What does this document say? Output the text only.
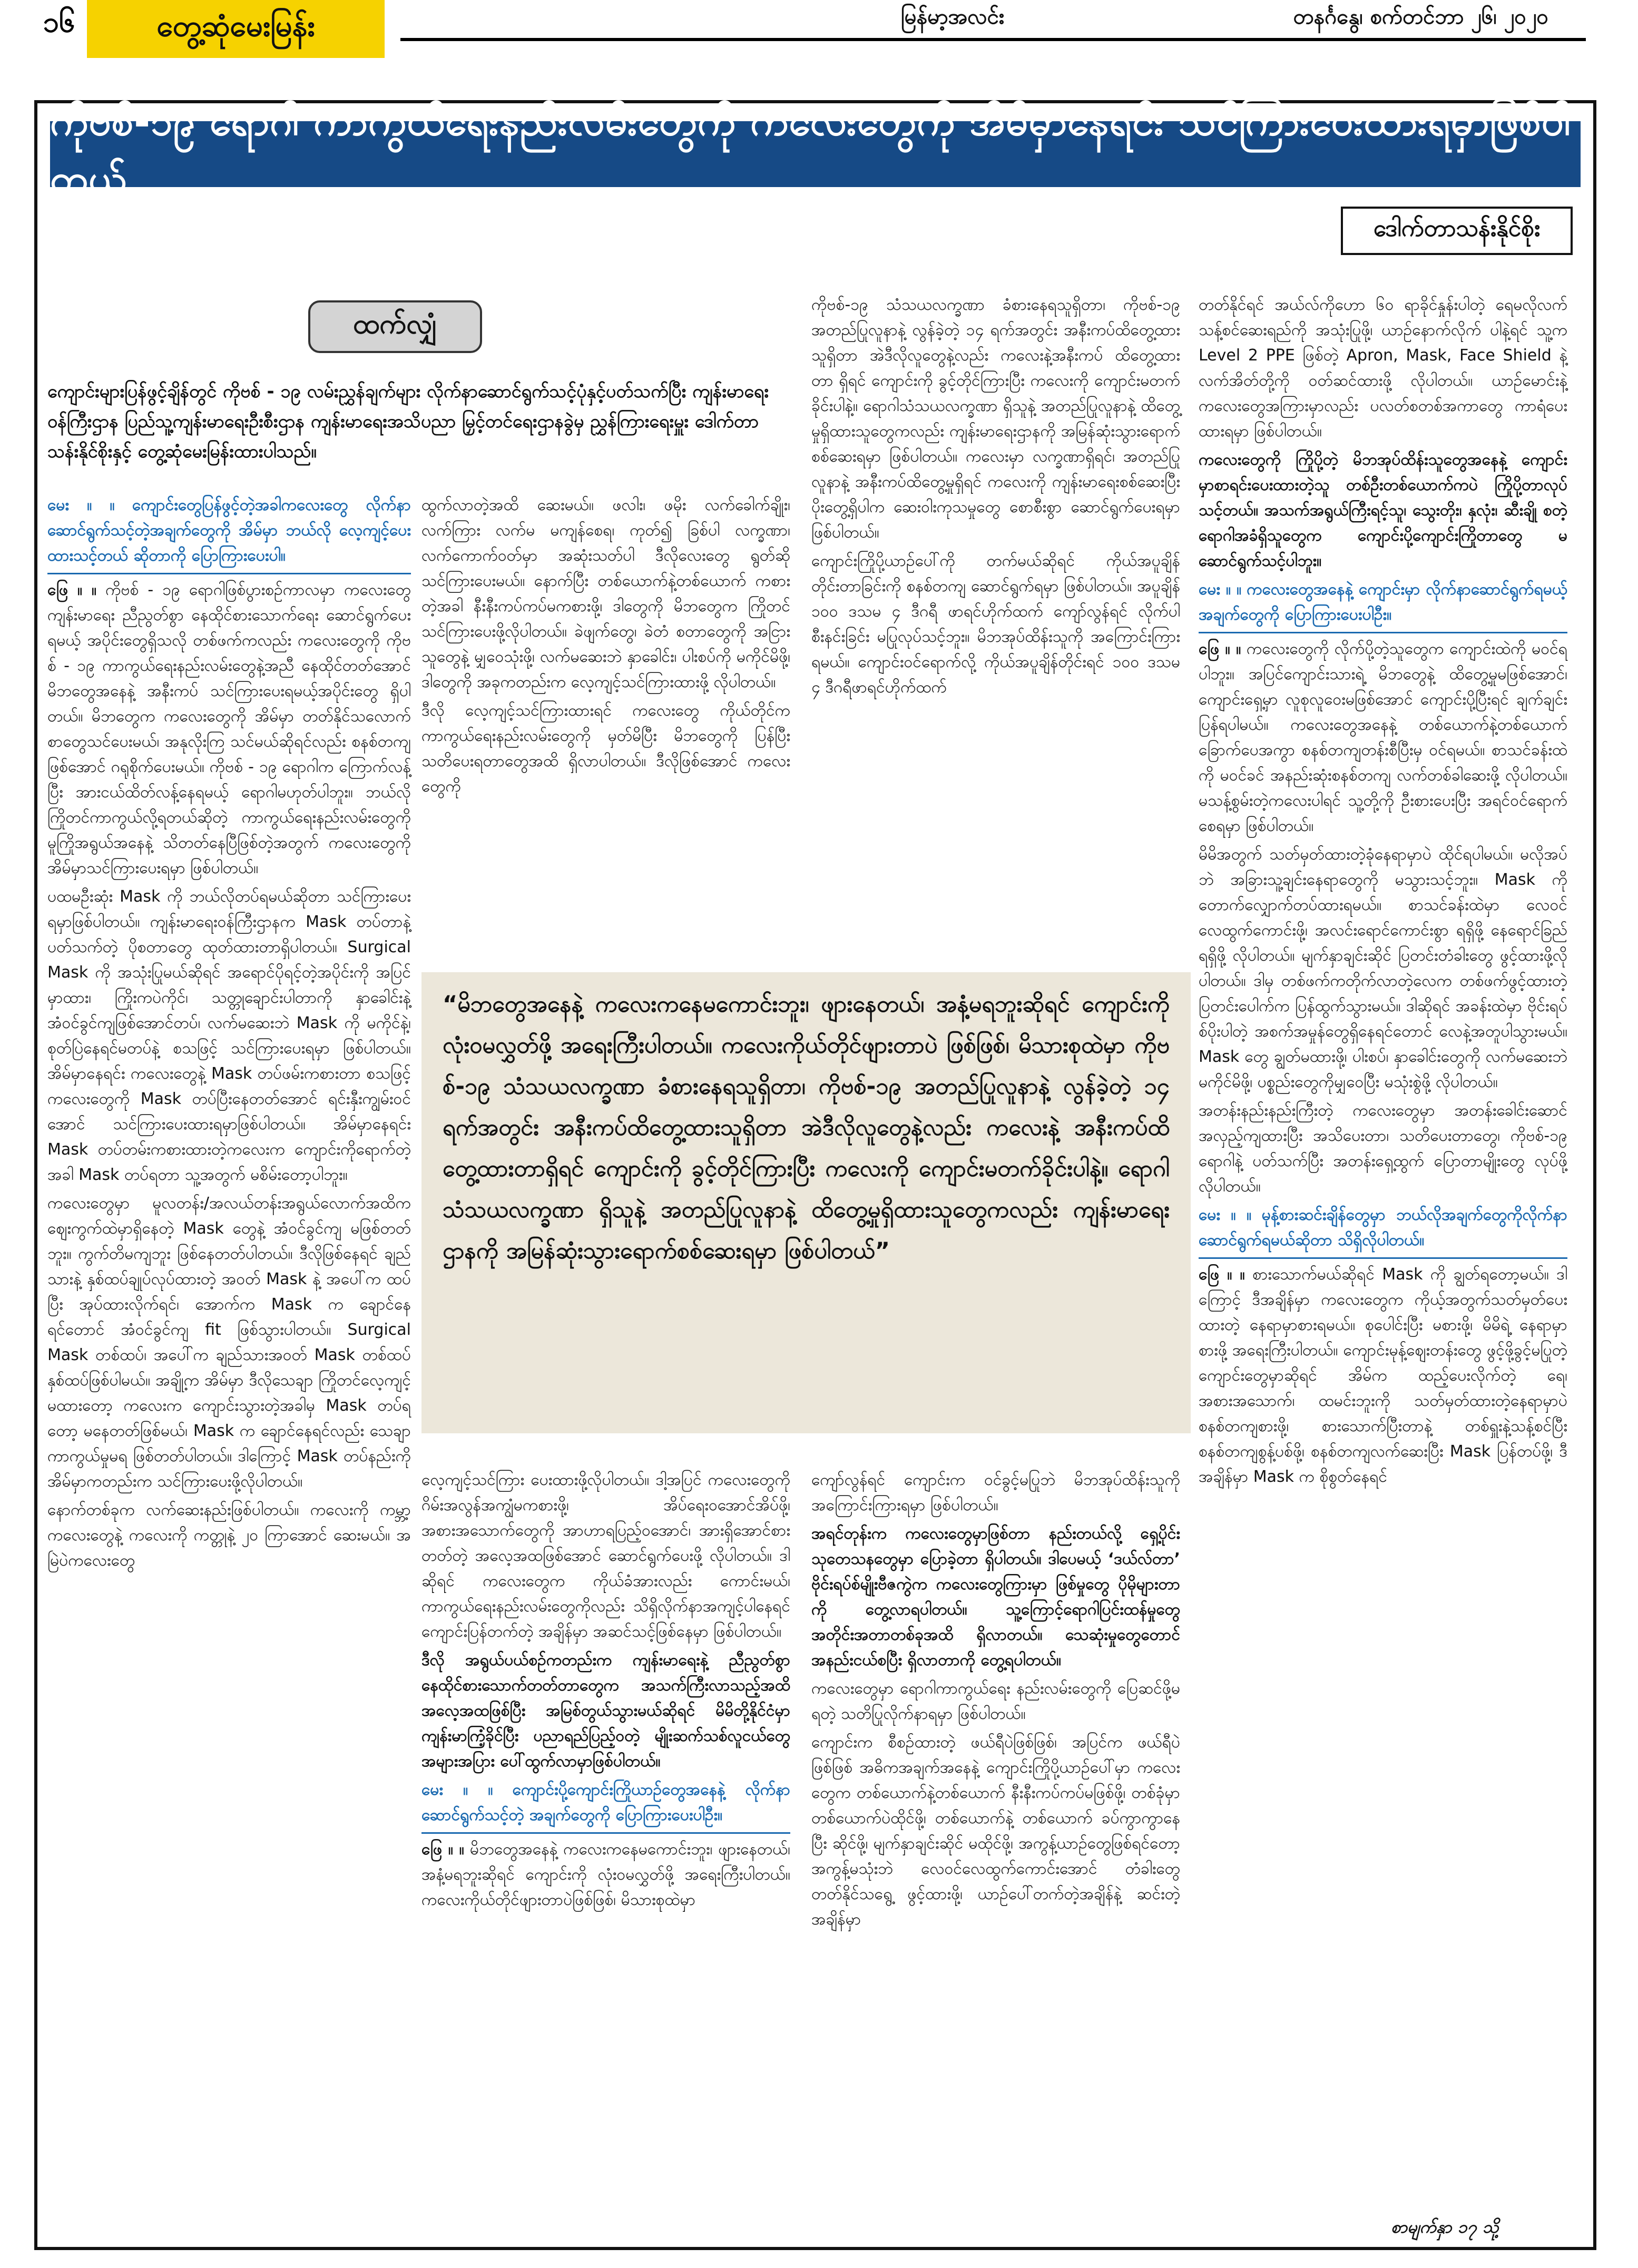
၁၆	တွေ့ဆုံမေးမြန်း	မြန်မာ့အလင်း	တနင်္ဂနွေ၊ စက်တင်ဘာ ၂၆၊ ၂၀၂၀
ကိုဗစ်-၁၉ ရောဂါ ကာကွယ်ရေးနည်းလမ်းတွေကို ကလေးတွေကို အိမ်မှာနေရင်း သင်ကြားပေးထားရမှာဖြစ်ပါတယ်
ဒေါက်တာသန်းနိုင်စိုး
ထက်လျှံ
ကျောင်းများပြန်ဖွင့်ချိန်တွင် ကိုဗစ် - ၁၉ လမ်းညွှန်ချက်များ လိုက်နာဆောင်ရွက်သင့်ပုံနှင့်ပတ်သက်ပြီး ကျန်းမာရေးဝန်ကြီးဌာန ပြည်သူ့ကျန်းမာရေးဦးစီးဌာန ကျန်းမာရေးအသိပညာ မြှင့်တင်ရေးဌာနခွဲမှ ညွှန်ကြားရေးမှူး ဒေါက်တာသန်းနိုင်စိုးနှင့် တွေ့ဆုံမေးမြန်းထားပါသည်။

မေး ။ ။ ကျောင်းတွေပြန်ဖွင့်တဲ့အခါကလေးတွေ လိုက်နာဆောင်ရွက်သင့်တဲ့အချက်တွေကို အိမ်မှာ ဘယ်လို လေ့ကျင့်ပေးထားသင့်တယ် ဆိုတာကို ပြောကြားပေးပါ။

ဖြေ ။ ။ ကိုဗစ် - ၁၉ ရောဂါဖြစ်ပွားစဉ်ကာလမှာ ကလေးတွေ ကျန်းမာရေး ညီညွတ်စွာ နေထိုင်စားသောက်ရေး ဆောင်ရွက်ပေးရမယ့် အပိုင်းတွေရှိသလို တစ်ဖက်ကလည်း ကလေးတွေကို ကိုဗစ် - ၁၉ ကာကွယ်ရေးနည်းလမ်းတွေနဲ့အညီ နေထိုင်တတ်အောင် မိဘတွေအနေနဲ့ အနီးကပ် သင်ကြားပေးရမယ့်အပိုင်းတွေ ရှိပါတယ်။ မိဘတွေက ကလေးတွေကို အိမ်မှာ တတ်နိုင်သလောက် စာတွေသင်ပေးမယ်၊ အနုလိုးကြ သင်မယ်ဆိုရင်လည်း စနစ်တကျဖြစ်အောင် ဂရုစိုက်ပေးမယ်။ ကိုဗစ် - ၁၉ ရောဂါက ကြောက်လန့်ပြီး အားငယ်ထိတ်လန့်နေရမယ့် ရောဂါမဟုတ်ပါဘူး။ ဘယ်လိုကြိုတင်ကာကွယ်လို့ရတယ်ဆိုတဲ့ ကာကွယ်ရေးနည်းလမ်းတွေကို မူကြိုအရွယ်အနေနဲ့ သိတတ်နေပြီဖြစ်တဲ့အတွက် ကလေးတွေကို အိမ်မှာသင်ကြားပေးရမှာ ဖြစ်ပါတယ်။

ပထမဦးဆုံး Mask ကို ဘယ်လိုတပ်ရမယ်ဆိုတာ သင်ကြားပေးရမှာဖြစ်ပါတယ်။ ကျန်းမာရေးဝန်ကြီးဌာနက Mask တပ်တာနဲ့ ပတ်သက်တဲ့ ပိုစတာတွေ ထုတ်ထားတာရှိပါတယ်။ Surgical Mask ကို အသုံးပြုမယ်ဆိုရင် အရောင်ပိုရင့်တဲ့အပိုင်းကို အပြင်မှာထား၊ ကြိုးကပဲကိုင်၊ သတ္တုချောင်းပါတာကို နှာခေါင်းနဲ့ အံဝင်ခွင်ကျဖြစ်အောင်တပ်၊ လက်မဆေးဘဲ Mask ကို မကိုင်နဲ့၊ စုတ်ပြဲနေရင်မတပ်နဲ့ စသဖြင့် သင်ကြားပေးရမှာ ဖြစ်ပါတယ်။ အိမ်မှာနေရင်း ကလေးတွေနဲ့ Mask တပ်ဖမ်းကစားတာ စသဖြင့် ကလေးတွေကို Mask တပ်ပြီးနေတတ်အောင် ရင်းနှီးကျွမ်းဝင်အောင် သင်ကြားပေးထားရမှာဖြစ်ပါတယ်။ အိမ်မှာနေရင်း Mask တပ်တမ်းကစားထားတဲ့ကလေးက ကျောင်းကိုရောက်တဲ့အခါ Mask တပ်ရတာ သူ့အတွက် မစိမ်းတော့ပါဘူး။

ကလေးတွေမှာ မူလတန်း/အလယ်တန်းအရွယ်လောက်အထိက ဈေးကွက်ထဲမှာရှိနေတဲ့ Mask တွေနဲ့ အံဝင်ခွင်ကျ မဖြစ်တတ်ဘူး။ ကွက်တိမကျဘူး ဖြစ်နေတတ်ပါတယ်။ ဒီလိုဖြစ်နေရင် ချည်သားနဲ့ နှစ်ထပ်ချုပ်လုပ်ထားတဲ့ အဝတ် Mask နဲ့ အပေါ်က ထပ်ပြီး အုပ်ထားလိုက်ရင်၊ အောက်က Mask က ချောင်နေရင်တောင် အံဝင်ခွင်ကျ fit ဖြစ်သွားပါတယ်။ Surgical Mask တစ်ထပ်၊ အပေါ်က ချည်သားအဝတ် Mask တစ်ထပ် နှစ်ထပ်ဖြစ်ပါမယ်။ အချို့က အိမ်မှာ ဒီလိုသေချာ ကြိုတင်လေ့ကျင့်မထားတော့ ကလေးက ကျောင်းသွားတဲ့အခါမှ Mask တပ်ရတော့ မနေတတ်ဖြစ်မယ်၊ Mask က ချောင်နေရင်လည်း သေချာကာကွယ်မှုမရ ဖြစ်တတ်ပါတယ်။ ဒါကြောင့် Mask တပ်နည်းကို အိမ်မှာကတည်းက သင်ကြားပေးဖို့လိုပါတယ်။

နောက်တစ်ခုက လက်ဆေးနည်းဖြစ်ပါတယ်။ ကလေးကို ကမ္ဘာ့ကလေးတွေနဲ့ ကလေးကို ကတ္တုနဲ့ ၂၀ ကြာအောင် ဆေးမယ်။ အမြဲပဲကလေးတွေ

ထွက်လာတဲ့အထိ ဆေးမယ်။ ဖလါး၊ ဖမိုး လက်ခေါက်ချိုး၊ လက်ကြား လက်မ မကျန်စေရ၊ ကုတ်၍ ခြစ်ပါ လက္ခဏာ၊ လက်ကောက်ဝတ်မှာ အဆုံးသတ်ပါ ဒီလိုလေးတွေ ရွတ်ဆိုသင်ကြားပေးမယ်။ နောက်ပြီး တစ်ယောက်နဲ့တစ်ယောက် ကစားတဲ့အခါ နီးနီးကပ်ကပ်မကစားဖို့၊ ဒါတွေကို မိဘတွေက ကြိုတင် သင်ကြားပေးဖို့လိုပါတယ်။ ခဲဖျက်တွေ၊ ခဲတံ စတာတွေကို အငြားသူတွေနဲ့ မျှဝေသုံးဖို့၊ လက်မဆေးဘဲ နှာခေါင်း၊ ပါးစပ်ကို မကိုင်မိဖို့၊ ဒါတွေကို အခုကတည်းက လေ့ကျင့်သင်ကြားထားဖို့ လိုပါတယ်။

ဒီလို လေ့ကျင့်သင်ကြားထားရင် ကလေးတွေ ကိုယ်တိုင်က ကာကွယ်ရေးနည်းလမ်းတွေကို မှတ်မိပြီး မိဘတွေကို ပြန်ပြီးသတိပေးရတာတွေအထိ ရှိလာပါတယ်။ ဒီလိုဖြစ်အောင် ကလေးတွေကို

ကိုဗစ်-၁၉ သံသယလက္ခဏာ ခံစားနေရသူရှိတာ၊ ကိုဗစ်-၁၉ အတည်ပြုလူနာနဲ့ လွန်ခဲ့တဲ့ ၁၄ ရက်အတွင်း အနီးကပ်ထိတွေ့ထားသူရှိတာ အဲဒီလိုလူတွေနဲ့လည်း ကလေးနဲ့အနီးကပ် ထိတွေ့ထားတာ ရှိရင် ကျောင်းကို ခွင့်တိုင်ကြားပြီး ကလေးကို ကျောင်းမတက်ခိုင်းပါနဲ့။ ရောဂါသံသယလက္ခဏာ ရှိသူနဲ့ အတည်ပြုလူနာနဲ့ ထိတွေ့မှုရှိထားသူတွေကလည်း ကျန်းမာရေးဌာနကို အမြန်ဆုံးသွားရောက် စစ်ဆေးရမှာ ဖြစ်ပါတယ်။ ကလေးမှာ လက္ခဏာရှိရင်၊ အတည်ပြုလူနာနဲ့ အနီးကပ်ထိတွေ့မှုရှိရင် ကလေးကို ကျန်းမာရေးစစ်ဆေးပြီး ပိုးတွေ့ရှိပါက ဆေးဝါးကုသမှုတွေ စောစီးစွာ ဆောင်ရွက်ပေးရမှာ ဖြစ်ပါတယ်။

ကျောင်းကြိုပို့ယာဉ်ပေါ်ကို တက်မယ်ဆိုရင် ကိုယ်အပူချိန်တိုင်းတာခြင်းကို စနစ်တကျ ဆောင်ရွက်ရမှာ ဖြစ်ပါတယ်။ အပူချိန် ၁၀၀ ဒသမ ၄ ဒီဂရီ ဖာရင်ဟိုက်ထက် ကျော်လွန်ရင် လိုက်ပါစီးနင်းခြင်း မပြုလုပ်သင့်ဘူး။ မိဘအုပ်ထိန်းသူကို အကြောင်းကြားရမယ်။ ကျောင်းဝင်ရောက်လို့ ကိုယ်အပူချိန်တိုင်းရင် ၁၀၀ ဒသမ ၄ ဒီဂရီဖာရင်ဟိုက်ထက်

တတ်နိုင်ရင် အယ်လ်ကိုဟော ၆၀ ရာခိုင်နှုန်းပါတဲ့ ရေမလိုလက်သန့်စင်ဆေးရည်ကို အသုံးပြုဖို့၊ ယာဉ်နောက်လိုက် ပါနဲ့ရင် သူ့က Level 2 PPE ဖြစ်တဲ့ Apron, Mask, Face Shield နဲ့ လက်အိတ်တို့ကို ဝတ်ဆင်ထားဖို့ လိုပါတယ်။ ယာဉ်မောင်းနဲ့ ကလေးတွေအကြားမှာလည်း ပလတ်စတစ်အကာတွေ ကာရံပေးထားရမှာ ဖြစ်ပါတယ်။

ကလေးတွေကို ကြိုပို့တဲ့ မိဘအုပ်ထိန်းသူတွေအနေနဲ့ ကျောင်းမှာစာရင်းပေးထားတဲ့သူ တစ်ဦးတစ်ယောက်ကပဲ ကြိုပို့တာလုပ်သင့်တယ်။ အသက်အရွယ်ကြီးရင့်သူ၊ သွေးတိုး၊ နှလုံး၊ ဆီးချို စတဲ့ ရောဂါအခံရှိသူတွေက ကျောင်းပို့ကျောင်းကြိုတာတွေ မဆောင်ရွက်သင့်ပါဘူး။

မေး ။ ။ ကလေးတွေအနေနဲ့ ကျောင်းမှာ လိုက်နာဆောင်ရွက်ရမယ့်အချက်တွေကို ပြောကြားပေးပါဦး။

ဖြေ ။ ။ ကလေးတွေကို လိုက်ပို့တဲ့သူတွေက ကျောင်းထဲကို မဝင်ရပါဘူး။ အပြင်ကျောင်းသားရဲ့ မိဘတွေနဲ့ ထိတွေ့မှုမဖြစ်အောင်၊ ကျောင်းရှေ့မှာ လူစုလူဝေးမဖြစ်အောင် ကျောင်းပို့ပြီးရင် ချက်ချင်းပြန်ရပါမယ်။ ကလေးတွေအနေနဲ့ တစ်ယောက်နဲ့တစ်ယောက် ခြောက်ပေအကွာ စနစ်တကျတန်းစီပြီးမှ ဝင်ရမယ်။ စာသင်ခန်းထဲကို မဝင်ခင် အနည်းဆုံးစနစ်တကျ လက်တစ်ခါဆေးဖို့ လိုပါတယ်။ မသန့်စွမ်းတဲ့ကလေးပါရင် သူ့တို့ကို ဦးစားပေးပြီး အရင်ဝင်ရောက်စေရမှာ ဖြစ်ပါတယ်။

မိမိအတွက် သတ်မှတ်ထားတဲ့ခုံနေရာမှာပဲ ထိုင်ရပါမယ်။ မလိုအပ်ဘဲ အခြားသူ့ချင်းနေရာတွေကို မသွားသင့်ဘူး။ Mask ကို တောက်လျှောက်တပ်ထားရမယ်။ စာသင်ခန်းထဲမှာ လေဝင်လေထွက်ကောင်းဖို့၊ အလင်းရောင်ကောင်းစွာ ရရှိဖို့ နေရောင်ခြည်ရရှိဖို့ လိုပါတယ်။ မျက်နှာချင်းဆိုင် ပြတင်းတံခါးတွေ ဖွင့်ထားဖို့လိုပါတယ်။ ဒါမှ တစ်ဖက်ကတိုက်လာတဲ့လေက တစ်ဖက်ဖွင့်ထားတဲ့ ပြတင်းပေါက်က ပြန်ထွက်သွားမယ်။ ဒါဆိုရင် အခန်းထဲမှာ ဗိုင်းရပ်စ်ပိုးပါတဲ့ အစက်အမှုန်တွေရှိနေရင်တောင် လေနဲ့အတူပါသွားမယ်။ Mask တွေ ချွတ်မထားဖို့၊ ပါးစပ်၊ နှာခေါင်းတွေကို လက်မဆေးဘဲ မကိုင်မိဖို့၊ ပစ္စည်းတွေကိုမျှဝေပြီး မသုံးစွဲဖို့ လိုပါတယ်။

အတန်းနည်းနည်းကြီးတဲ့ ကလေးတွေမှာ အတန်းခေါင်းဆောင်အလှည့်ကျထားပြီး အသိပေးတာ၊ သတိပေးတာတွေ၊ ကိုဗစ်-၁၉ ရောဂါနဲ့ ပတ်သက်ပြီး အတန်းရှေ့ထွက် ပြောတာမျိုးတွေ လုပ်ဖို့ လိုပါတယ်။

မေး ။ ။ မုန့်စားဆင်းချိန်တွေမှာ ဘယ်လိုအချက်တွေကိုလိုက်နာဆောင်ရွက်ရမယ်ဆိုတာ သိရှိလိုပါတယ်။

ဖြေ ။ ။ စားသောက်မယ်ဆိုရင် Mask ကို ချွတ်ရတော့မယ်။ ဒါကြောင့် ဒီအချိန်မှာ ကလေးတွေက ကိုယ့်အတွက်သတ်မှတ်ပေးထားတဲ့ နေရာမှာစားရမယ်။ စုပေါင်းပြီး မစားဖို့၊ မိမိရဲ့ နေရာမှာ စားဖို့ အရေးကြီးပါတယ်။ ကျောင်းမုန့်ဈေးတန်းတွေ ဖွင့်ဖို့ခွင့်မပြုတဲ့ ကျောင်းတွေမှာဆိုရင် အိမ်က ထည့်ပေးလိုက်တဲ့ ရေ၊ အစားအသောက်၊ ထမင်းဘူးကို သတ်မှတ်ထားတဲ့နေရာမှာပဲ စနစ်တကျစားဖို့၊ စားသောက်ပြီးတာနဲ့ တစ်ရှူးနဲ့သန့်စင်ပြီး စနစ်တကျစွန့်ပစ်ဖို့၊ စနစ်တကျလက်ဆေးပြီး Mask ပြန်တပ်ဖို့၊ ဒီအချိန်မှာ Mask က စိုစွတ်နေရင်

“မိဘတွေအနေနဲ့ ကလေးကနေမကောင်းဘူး၊ ဖျားနေတယ်၊ အနံ့မရဘူးဆိုရင် ကျောင်းကို လုံးဝမလွှတ်ဖို့ အရေးကြီးပါတယ်။ ကလေးကိုယ်တိုင်ဖျားတာပဲ ဖြစ်ဖြစ်၊ မိသားစုထဲမှာ ကိုဗစ်-၁၉ သံသယလက္ခဏာ ခံစားနေရသူရှိတာ၊ ကိုဗစ်-၁၉ အတည်ပြုလူနာနဲ့ လွန်ခဲ့တဲ့ ၁၄ ရက်အတွင်း အနီးကပ်ထိတွေ့ထားသူရှိတာ အဲဒီလိုလူတွေနဲ့လည်း ကလေးနဲ့ အနီးကပ်ထိတွေ့ထားတာရှိရင် ကျောင်းကို ခွင့်တိုင်ကြားပြီး ကလေးကို ကျောင်းမတက်ခိုင်းပါနဲ့။ ရောဂါသံသယလက္ခဏာ ရှိသူနဲ့ အတည်ပြုလူနာနဲ့ ထိတွေ့မှုရှိထားသူတွေကလည်း ကျန်းမာရေးဌာနကို အမြန်ဆုံးသွားရောက်စစ်ဆေးရမှာ ဖြစ်ပါတယ်”

လေ့ကျင့်သင်ကြား ပေးထားဖို့လိုပါတယ်။ ဒါ့အပြင် ကလေးတွေကို ဂိမ်းအလွန်အကျွံမကစားဖို့၊ အိပ်ရေးဝအောင်အိပ်ဖို့၊ အစားအသောက်တွေကို အာဟာရပြည့်ဝအောင်၊ အားရှိအောင်စားတတ်တဲ့ အလေ့အထဖြစ်အောင် ဆောင်ရွက်ပေးဖို့ လိုပါတယ်။ ဒါဆိုရင် ကလေးတွေက ကိုယ်ခံအားလည်း ကောင်းမယ်၊ ကာကွယ်ရေးနည်းလမ်းတွေကိုလည်း သိရှိလိုက်နာအကျင့်ပါနေရင် ကျောင်းပြန်တက်တဲ့ အချိန်မှာ အဆင်သင့်ဖြစ်နေမှာ ဖြစ်ပါတယ်။

ဒီလို အရွယ်ပယ်စဉ်ကတည်းက ကျန်းမာရေးနဲ့ ညီညွတ်စွာ နေထိုင်စားသောက်တတ်တာတွေက အသက်ကြီးလာသည့်အထိ အလေ့အထဖြစ်ပြီး အမြစ်တွယ်သွားမယ်ဆိုရင် မိမိတို့နိုင်ငံမှာ ကျန်းမာကြံ့ခိုင်ပြီး ပညာရည်ပြည့်ဝတဲ့ မျိုးဆက်သစ်လူငယ်တွေ အများအပြား ပေါ်ထွက်လာမှာဖြစ်ပါတယ်။

မေး ။ ။ ကျောင်းပို့ကျောင်းကြိုယာဉ်တွေအနေနဲ့ လိုက်နာဆောင်ရွက်သင့်တဲ့ အချက်တွေကို ပြောကြားပေးပါဦး။

ဖြေ ။ ။ မိဘတွေအနေနဲ့ ကလေးကနေမကောင်းဘူး၊ ဖျားနေတယ်၊ အနံ့မရဘူးဆိုရင် ကျောင်းကို လုံးဝမလွှတ်ဖို့ အရေးကြီးပါတယ်။ ကလေးကိုယ်တိုင်ဖျားတာပဲဖြစ်ဖြစ်၊ မိသားစုထဲမှာ

ကျော်လွန်ရင် ကျောင်းက ဝင်ခွင့်မပြုဘဲ မိဘအုပ်ထိန်းသူကို အကြောင်းကြားရမှာ ဖြစ်ပါတယ်။

အရင်တုန်းက ကလေးတွေမှာဖြစ်တာ နည်းတယ်လို့ ရှေ့ပိုင်းသုတေသနတွေမှာ ပြောခဲ့တာ ရှိပါတယ်။ ဒါပေမယ့် ‘ဒယ်လ်တာ’ ဗိုင်းရပ်စ်မျိုးဗီဇကွဲက ကလေးတွေကြားမှာ ဖြစ်မှုတွေ ပိုမိုများတာကို တွေ့လာရပါတယ်။ သူ့ကြောင့်ရောဂါပြင်းထန်မှုတွေ အတိုင်းအတာတစ်ခုအထိ ရှိလာတယ်။ သေဆုံးမှုတွေတောင် အနည်းငယ်စပြီး ရှိလာတာကို တွေ့ရပါတယ်။

ကလေးတွေမှာ ရောဂါကာကွယ်ရေး နည်းလမ်းတွေကို ပြေဆင်ဖို့မရတဲ့ သတိပြုလိုက်နာရမှာ ဖြစ်ပါတယ်။

ကျောင်းက စီစဉ်ထားတဲ့ ဖယ်ရီပဲဖြစ်ဖြစ်၊ အပြင်က ဖယ်ရီပဲဖြစ်ဖြစ် အဓိကအချက်အနေနဲ့ ကျောင်းကြိုပို့ယာဉ်ပေါ်မှာ ကလေးတွေက တစ်ယောက်နဲ့တစ်ယောက် နီးနီးကပ်ကပ်မဖြစ်ဖို့၊ တစ်ခုံမှာ တစ်ယောက်ပဲထိုင်ဖို့၊ တစ်ယောက်နဲ့ တစ်ယောက် ခပ်ကွာကွာနေပြီး ဆိုင်ဖို့၊ မျက်နှာချင်းဆိုင် မထိုင်ဖို့၊ အကွန့်ယာဉ်တွေဖြစ်ရင်တော့ အကွန့်မသုံးဘဲ လေဝင်လေထွက်ကောင်းအောင် တံခါးတွေ တတ်နိုင်သရွေ့ ဖွင့်ထားဖို့၊ ယာဉ်ပေါ်တက်တဲ့အချိန်နဲ့ ဆင်းတဲ့အချိန်မှာ

စာမျက်နှာ ၁၇ သို့
